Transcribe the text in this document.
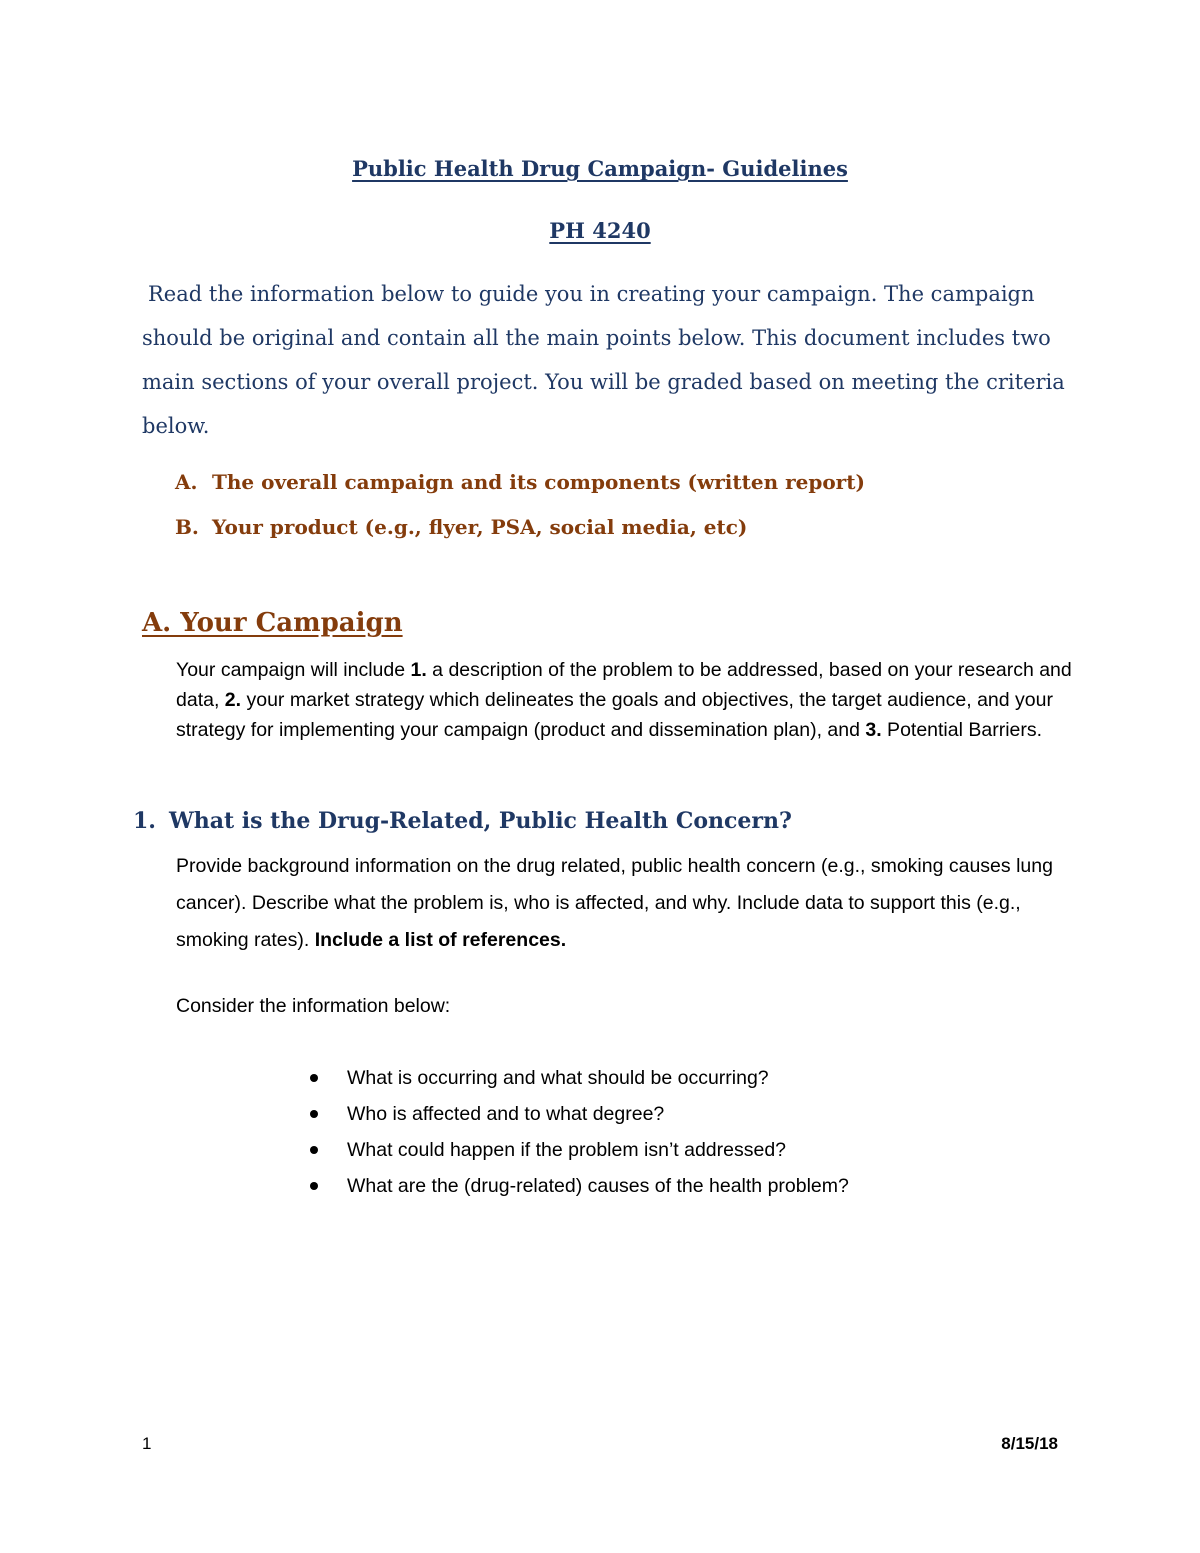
Public Health Drug Campaign- Guidelines
PH 4240
Read the information below to guide you in creating your campaign. The campaign should be original and contain all the main points below. This document includes two main sections of your overall project. You will be graded based on meeting the criteria below.
A. The overall campaign and its components (written report)
B. Your product (e.g., flyer, PSA, social media, etc)
A. Your Campaign
Your campaign will include 1. a description of the problem to be addressed, based on your research and data, 2. your market strategy which delineates the goals and objectives, the target audience, and your strategy for implementing your campaign (product and dissemination plan), and 3. Potential Barriers.
1. What is the Drug-Related, Public Health Concern?
Provide background information on the drug related, public health concern (e.g., smoking causes lung cancer). Describe what the problem is, who is affected, and why. Include data to support this (e.g., smoking rates). Include a list of references.
Consider the information below:
What is occurring and what should be occurring?
Who is affected and to what degree?
What could happen if the problem isn’t addressed?
What are the (drug-related) causes of the health problem?
1	8/15/18
